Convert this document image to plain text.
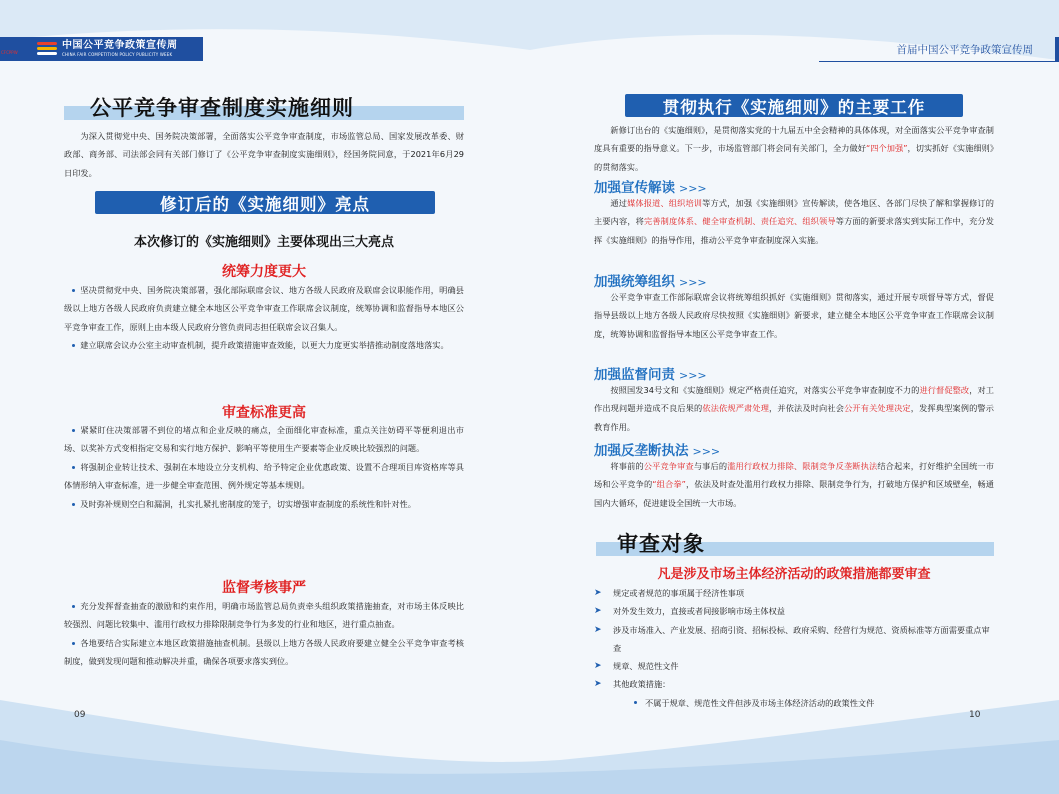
中国公平竞争政策宣传周
CHINA FAIR COMPETITION POLICY PUBLICITY WEEK
CFCPPW	首届中国公平竞争政策宣传周
公平竞争审查制度实施细则
为深入贯彻党中央、国务院决策部署，全面落实公平竞争审查制度，市场监管总局、国家发展改革委、财政部、商务部、司法部会同有关部门修订了《公平竞争审查制度实施细则》，经国务院同意，于2021年6月29日印发。
修订后的《实施细则》亮点
本次修订的《实施细则》主要体现出三大亮点
统筹力度更大
坚决贯彻党中央、国务院决策部署，强化部际联席会议、地方各级人民政府及联席会议职能作用，明确县级以上地方各级人民政府负责建立健全本地区公平竞争审查工作联席会议制度，统筹协调和监督指导本地区公平竞争审查工作，原则上由本级人民政府分管负责同志担任联席会议召集人。
建立联席会议办公室主动审查机制，提升政策措施审查效能，以更大力度更实举措推动制度落地落实。
审查标准更高
紧紧盯住决策部署不到位的堵点和企业反映的痛点，全面细化审查标准，重点关注妨碍平等便利退出市场、以奖补方式变相指定交易和实行地方保护、影响平等使用生产要素等企业反映比较强烈的问题。
将强制企业转让技术、强制在本地设立分支机构、给予特定企业优惠政策、设置不合理项目库资格库等具体情形纳入审查标准，进一步健全审查范围、例外规定等基本规则。
及时弥补规则空白和漏洞，扎实扎紧扎密制度的笼子，切实增强审查制度的系统性和针对性。
监督考核事严
充分发挥督查抽查的激励和约束作用，明确市场监管总局负责牵头组织政策措施抽查，对市场主体反映比较强烈、问题比较集中、滥用行政权力排除限制竞争行为多发的行业和地区，进行重点抽查。
各地要结合实际建立本地区政策措施抽查机制。县级以上地方各级人民政府要建立健全公平竞争审查考核制度，做到发现问题和推动解决并重，确保各项要求落实到位。
09
贯彻执行《实施细则》的主要工作
新修订出台的《实施细则》，是贯彻落实党的十九届五中全会精神的具体体现，对全面落实公平竞争审查制度具有重要的指导意义。下一步，市场监管部门将会同有关部门，全力做好“四个加强”，切实抓好《实施细则》的贯彻落实。
加强宣传解读 >>>
通过媒体报道、组织培训等方式，加强《实施细则》宣传解读，使各地区、各部门尽快了解和掌握修订的主要内容，将完善制度体系、健全审查机制、责任追究、组织领导等方面的新要求落实到实际工作中，充分发挥《实施细则》的指导作用，推动公平竞争审查制度深入实施。
加强统筹组织 >>>
公平竞争审查工作部际联席会议将统筹组织抓好《实施细则》贯彻落实，通过开展专项督导等方式，督促指导县级以上地方各级人民政府尽快按照《实施细则》新要求，建立健全本地区公平竞争审查工作联席会议制度，统筹协调和监督指导本地区公平竞争审查工作。
加强监督问责 >>>
按照国发34号文和《实施细则》规定严格责任追究，对落实公平竞争审查制度不力的进行督促整改，对工作出现问题并造成不良后果的依法依规严肃处理，并依法及时向社会公开有关处理决定，发挥典型案例的警示教育作用。
加强反垄断执法 >>>
将事前的公平竞争审查与事后的滥用行政权力排除、限制竞争反垄断执法结合起来，打好维护全国统一市场和公平竞争的“组合拳”，依法及时查处滥用行政权力排除、限制竞争行为，打破地方保护和区域壁垒，畅通国内大循环，促进建设全国统一大市场。
审查对象
凡是涉及市场主体经济活动的政策措施都要审查
➤	规定或者规范的事项属于经济性事项
➤	对外发生效力，直接或者间接影响市场主体权益
➤	涉及市场准入、产业发展、招商引资、招标投标、政府采购、经营行为规范、资质标准等方面需要重点审查
➤	规章、规范性文件
➤	其他政策措施：
不属于规章、规范性文件但涉及市场主体经济活动的政策性文件
10
